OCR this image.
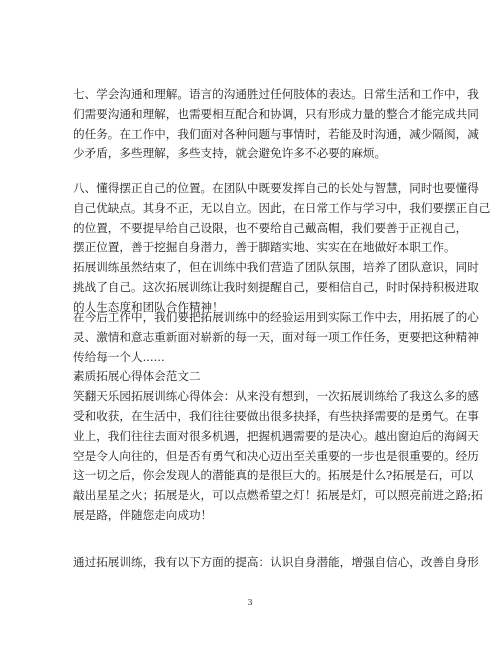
七、学会沟通和理解。语言的沟通胜过任何肢体的表达。日常生活和工作中，我
们需要沟通和理解，也需要相互配合和协调，只有形成力量的整合才能完成共同
的任务。在工作中，我们面对各种问题与事情时，若能及时沟通，减少隔阂，减
少矛盾，多些理解，多些支持，就会避免许多不必要的麻烦。
八、懂得摆正自己的位置。在团队中既要发挥自己的长处与智慧，同时也要懂得
自己优缺点。其身不正，无以自立。因此，在日常工作与学习中，我们要摆正自己
的位置，不要提早给自己设限，也不要给自己戴高帽，我们要善于正视自己，
摆正位置，善于挖掘自身潜力，善于脚踏实地、实实在在地做好本职工作。
拓展训练虽然结束了，但在训练中我们营造了团队氛围，培养了团队意识，同时
挑战了自己。这次拓展训练让我时刻提醒自己，要相信自己，时时保持积极进取
的人生态度和团队合作精神！
在今后工作中，我们要把拓展训练中的经验运用到实际工作中去，用拓展了的心
灵、激情和意志重新面对崭新的每一天，面对每一项工作任务，更要把这种精神
传给每一个人......
素质拓展心得体会范文二
笑翻天乐园拓展训练心得体会：从来没有想到，一次拓展训练给了我这么多的感
受和收获，在生活中，我们往往要做出很多抉择，有些抉择需要的是勇气。在事
业上，我们往往去面对很多机遇，把握机遇需要的是决心。越出窗迫后的海阔天
空是令人向往的，但是否有勇气和决心迈出至关重要的一步也是很重要的。经历
这一切之后，你会发现人的潜能真的是很巨大的。拓展是什么?拓展是石，可以
敲出星星之火；拓展是火，可以点燃希望之灯！拓展是灯，可以照亮前进之路;拓
展是路，伴随您走向成功！
通过拓展训练，我有以下方面的提高：认识自身潜能，增强自信心，改善自身形
3
